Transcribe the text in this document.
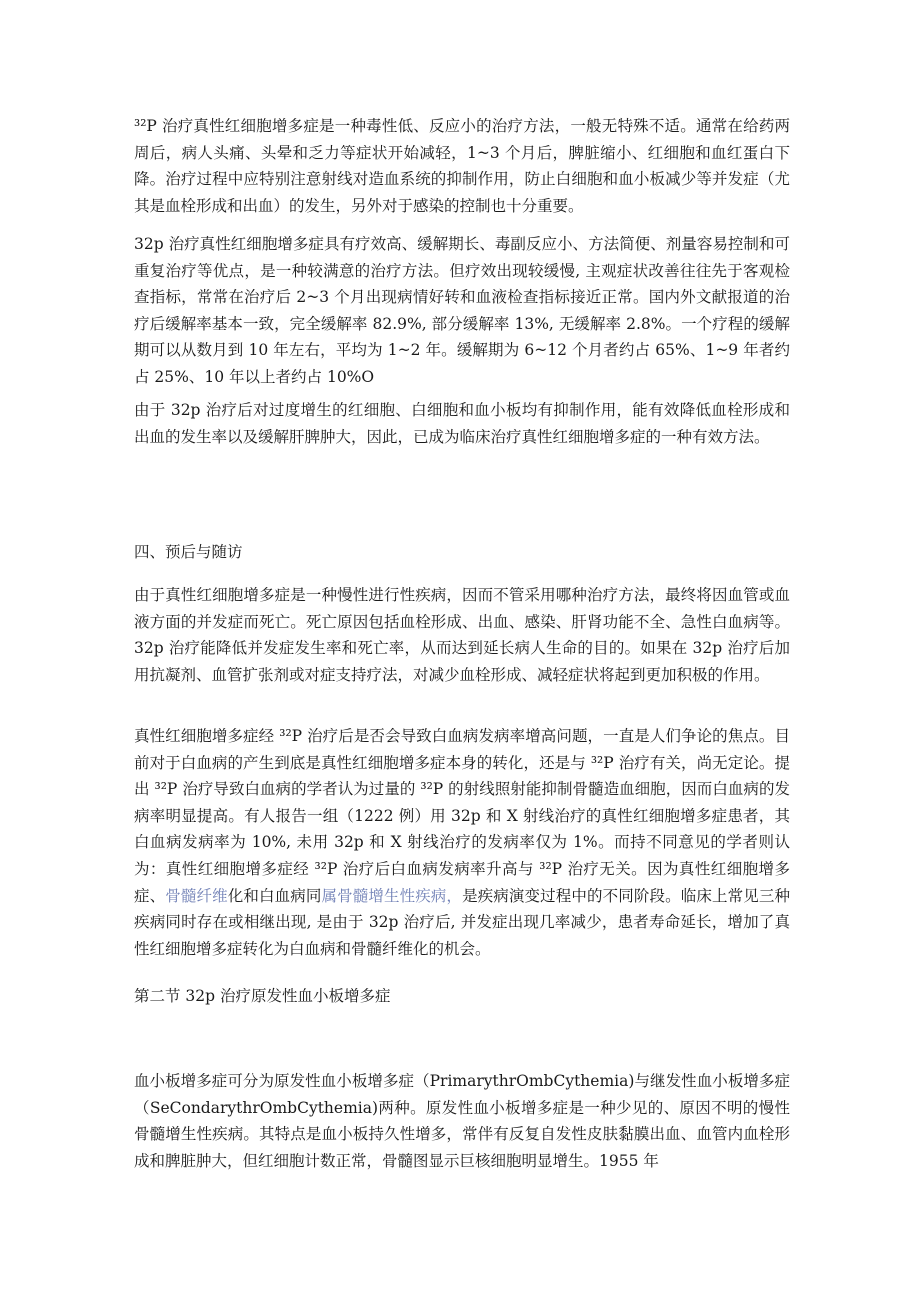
³²P 治疗真性红细胞增多症是一种毒性低、反应小的治疗方法，一般无特殊不适。通常在给药两周后，病人头痛、头晕和乏力等症状开始减轻，1~3 个月后，脾脏缩小、红细胞和血红蛋白下降。治疗过程中应特别注意射线对造血系统的抑制作用，防止白细胞和血小板减少等并发症（尤其是血栓形成和出血）的发生，另外对于感染的控制也十分重要。

32p 治疗真性红细胞增多症具有疗效高、缓解期长、毒副反应小、方法简便、剂量容易控制和可重复治疗等优点，是一种较满意的治疗方法。但疗效出现较缓慢, 主观症状改善往往先于客观检查指标，常常在治疗后 2~3 个月出现病情好转和血液检查指标接近正常。国内外文献报道的治疗后缓解率基本一致，完全缓解率 82.9%, 部分缓解率 13%, 无缓解率 2.8%。一个疗程的缓解期可以从数月到 10 年左右，平均为 1~2 年。缓解期为 6~12 个月者约占 65%、1~9 年者约占 25%、10 年以上者约占 10%O

由于 32p 治疗后对过度增生的红细胞、白细胞和血小板均有抑制作用，能有效降低血栓形成和出血的发生率以及缓解肝脾肿大，因此，已成为临床治疗真性红细胞增多症的一种有效方法。

四、预后与随访

由于真性红细胞增多症是一种慢性进行性疾病，因而不管采用哪种治疗方法，最终将因血管或血液方面的并发症而死亡。死亡原因包括血栓形成、出血、感染、肝肾功能不全、急性白血病等。32p 治疗能降低并发症发生率和死亡率，从而达到延长病人生命的目的。如果在 32p 治疗后加用抗凝剂、血管扩张剂或对症支持疗法，对减少血栓形成、减轻症状将起到更加积极的作用。

真性红细胞增多症经 ³²P 治疗后是否会导致白血病发病率增高问题，一直是人们争论的焦点。目前对于白血病的产生到底是真性红细胞增多症本身的转化，还是与 ³²P 治疗有关，尚无定论。提出 ³²P 治疗导致白血病的学者认为过量的 ³²P 的射线照射能抑制骨髓造血细胞，因而白血病的发病率明显提高。有人报告一组（1222 例）用 32p 和 X 射线治疗的真性红细胞增多症患者，其白血病发病率为 10%, 未用 32p 和 X 射线治疗的发病率仅为 1%。而持不同意见的学者则认为：真性红细胞增多症经 ³²P 治疗后白血病发病率升高与 ³²P 治疗无关。因为真性红细胞增多症、骨髓纤维化和白血病同属骨髓增生性疾病，是疾病演变过程中的不同阶段。临床上常见三种疾病同时存在或相继出现, 是由于 32p 治疗后, 并发症出现几率减少，患者寿命延长，增加了真性红细胞增多症转化为白血病和骨髓纤维化的机会。

第二节 32p 治疗原发性血小板增多症

血小板增多症可分为原发性血小板增多症（PrimarythrOmbCythemia)与继发性血小板增多症（SeCondarythrOmbCythemia)两种。原发性血小板增多症是一种少见的、原因不明的慢性骨髓增生性疾病。其特点是血小板持久性增多，常伴有反复自发性皮肤黏膜出血、血管内血栓形成和脾脏肿大，但红细胞计数正常，骨髓图显示巨核细胞明显增生。1955 年
